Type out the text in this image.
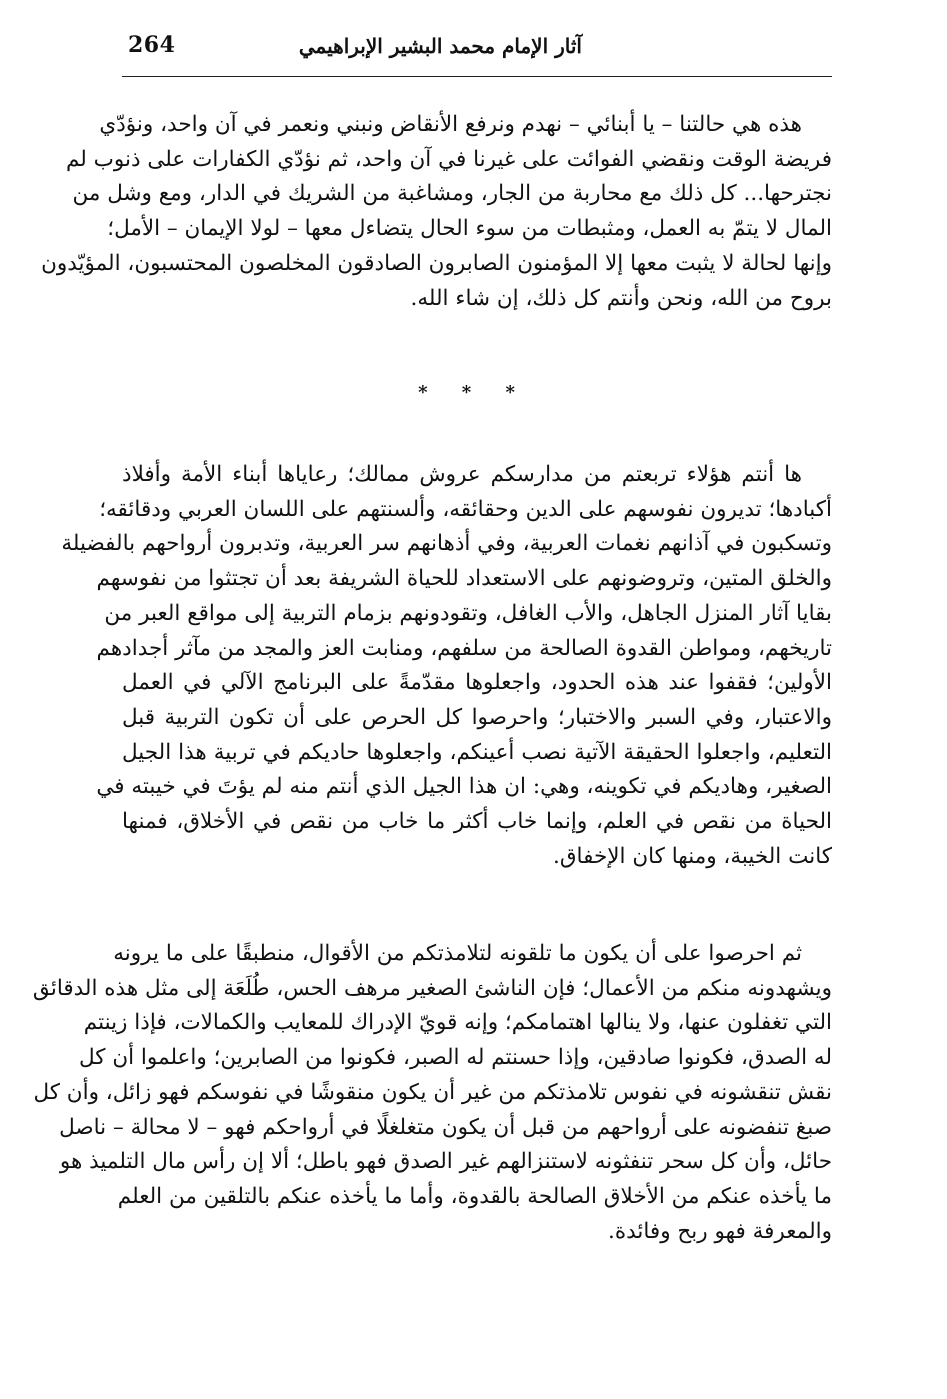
264	آثار الإمام محمد البشير الإبراهيمي
هذه هي حالتنا – يا أبنائي – نهدم ونرفع الأنقاض ونبني ونعمر في آن واحد، ونؤدّي
فريضة الوقت ونقضي الفوائت على غيرنا في آن واحد، ثم نؤدّي الكفارات على ذنوب لم
نجترحها... كل ذلك مع محاربة من الجار، ومشاغبة من الشريك في الدار، ومع وشل من
المال لا يتمّ به العمل، ومثبطات من سوء الحال يتضاءل معها – لولا الإيمان – الأمل؛
وإنها لحالة لا يثبت معها إلا المؤمنون الصابرون الصادقون المخلصون المحتسبون، المؤيّدون
بروح من الله، ونحن وأنتم كل ذلك، إن شاء الله.
* * *
ها أنتم هؤلاء تربعتم من مدارسكم عروش ممالك؛ رعاياها أبناء الأمة وأفلاذ
أكبادها؛ تديرون نفوسهم على الدين وحقائقه، وألسنتهم على اللسان العربي ودقائقه؛
وتسكبون في آذانهم نغمات العربية، وفي أذهانهم سر العربية، وتدبرون أرواحهم بالفضيلة
والخلق المتين، وتروضونهم على الاستعداد للحياة الشريفة بعد أن تجتثوا من نفوسهم
بقايا آثار المنزل الجاهل، والأب الغافل، وتقودونهم بزمام التربية إلى مواقع العبر من
تاريخهم، ومواطن القدوة الصالحة من سلفهم، ومنابت العز والمجد من مآثر أجدادهم
الأولين؛ فقفوا عند هذه الحدود، واجعلوها مقدّمةً على البرنامج الآلي في العمل
والاعتبار، وفي السبر والاختبار؛ واحرصوا كل الحرص على أن تكون التربية قبل
التعليم، واجعلوا الحقيقة الآتية نصب أعينكم، واجعلوها حاديكم في تربية هذا الجيل
الصغير، وهاديكم في تكوينه، وهي: ان هذا الجيل الذي أنتم منه لم يؤتَ في خيبته في
الحياة من نقص في العلم، وإنما خاب أكثر ما خاب من نقص في الأخلاق، فمنها
كانت الخيبة، ومنها كان الإخفاق.
ثم احرصوا على أن يكون ما تلقونه لتلامذتكم من الأقوال، منطبقًا على ما يرونه
ويشهدونه منكم من الأعمال؛ فإن الناشئ الصغير مرهف الحس، طُلَعَة إلى مثل هذه الدقائق
التي تغفلون عنها، ولا ينالها اهتمامكم؛ وإنه قويّ الإدراك للمعايب والكمالات، فإذا زينتم
له الصدق، فكونوا صادقين، وإذا حسنتم له الصبر، فكونوا من الصابرين؛ واعلموا أن كل
نقش تنقشونه في نفوس تلامذتكم من غير أن يكون منقوشًا في نفوسكم فهو زائل، وأن كل
صبغ تنفضونه على أرواحهم من قبل أن يكون متغلغلًا في أرواحكم فهو – لا محالة – ناصل
حائل، وأن كل سحر تنفثونه لاستنزالهم غير الصدق فهو باطل؛ ألا إن رأس مال التلميذ هو
ما يأخذه عنكم من الأخلاق الصالحة بالقدوة، وأما ما يأخذه عنكم بالتلقين من العلم
والمعرفة فهو ربح وفائدة.
